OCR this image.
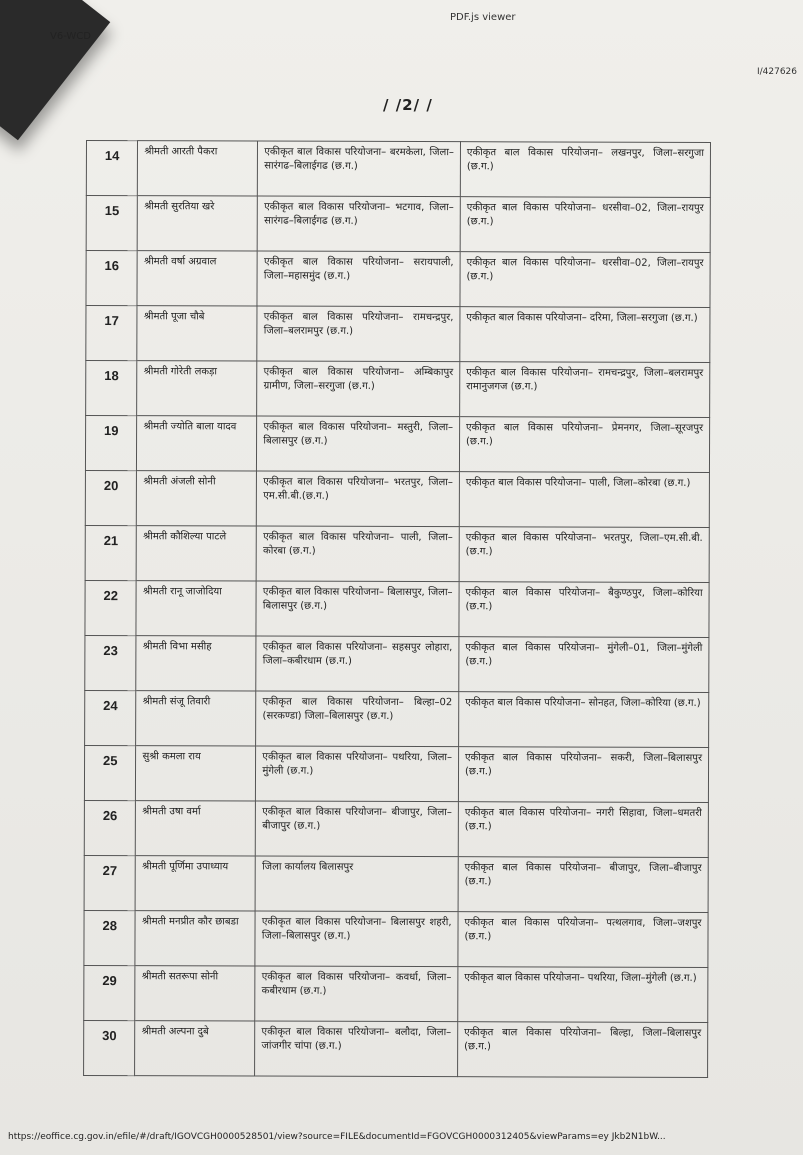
V6-WCD
PDF.js viewer
I/427626
/ /2/ /
14	श्रीमती आरती पैकरा	एकीकृत बाल विकास परियोजना– बरमकेला, जिला– सारंगढ–बिलाईगढ (छ.ग.)	एकीकृत बाल विकास परियोजना– लखनपुर, जिला–सरगुजा (छ.ग.)
15	श्रीमती सुरतिया खरे	एकीकृत बाल विकास परियोजना– भटगाव, जिला–सारंगढ–बिलाईगढ (छ.ग.)	एकीकृत बाल विकास परियोजना– धरसीवा–02, जिला–रायपुर (छ.ग.)
16	श्रीमती वर्षा अग्रवाल	एकीकृत बाल विकास परियोजना– सरायपाली, जिला–महासमुंद (छ.ग.)	एकीकृत बाल विकास परियोजना– धरसीवा–02, जिला–रायपुर (छ.ग.)
17	श्रीमती पूजा चौबे	एकीकृत बाल विकास परियोजना– रामचन्द्रपुर, जिला–बलरामपुर (छ.ग.)	एकीकृत बाल विकास परियोजना– दरिमा, जिला–सरगुजा (छ.ग.)
18	श्रीमती गोरेती लकड़ा	एकीकृत बाल विकास परियोजना– अम्बिकापुर ग्रामीण, जिला–सरगुजा (छ.ग.)	एकीकृत बाल विकास परियोजना– रामचन्द्रपुर, जिला–बलरामपुर रामानुजगज (छ.ग.)
19	श्रीमती ज्योति बाला यादव	एकीकृत बाल विकास परियोजना– मस्तुरी, जिला–बिलासपुर (छ.ग.)	एकीकृत बाल विकास परियोजना– प्रेमनगर, जिला–सूरजपुर (छ.ग.)
20	श्रीमती अंजली सोनी	एकीकृत बाल विकास परियोजना– भरतपुर, जिला–एम.सी.बी.(छ.ग.)	एकीकृत बाल विकास परियोजना– पाली, जिला–कोरबा (छ.ग.)
21	श्रीमती कौशिल्या पाटले	एकीकृत बाल विकास परियोजना– पाली, जिला–कोरबा (छ.ग.)	एकीकृत बाल विकास परियोजना– भरतपुर, जिला–एम.सी.बी. (छ.ग.)
22	श्रीमती रानू जाजोदिया	एकीकृत बाल विकास परियोजना– बिलासपुर, जिला– बिलासपुर (छ.ग.)	एकीकृत बाल विकास परियोजना– बैकुण्ठपुर, जिला–कोरिया (छ.ग.)
23	श्रीमती विभा मसीह	एकीकृत बाल विकास परियोजना– सहसपुर लोहारा, जिला–कबीरधाम (छ.ग.)	एकीकृत बाल विकास परियोजना– मुंगेली–01, जिला–मुंगेली (छ.ग.)
24	श्रीमती संजू तिवारी	एकीकृत बाल विकास परियोजना– बिल्हा–02 (सरकण्डा) जिला–बिलासपुर (छ.ग.)	एकीकृत बाल विकास परियोजना– सोनहत, जिला–कोरिया (छ.ग.)
25	सुश्री कमला राय	एकीकृत बाल विकास परियोजना– पथरिया, जिला–मुंगेली (छ.ग.)	एकीकृत बाल विकास परियोजना– सकरी, जिला–बिलासपुर (छ.ग.)
26	श्रीमती उषा वर्मा	एकीकृत बाल विकास परियोजना– बीजापुर, जिला–बीजापुर (छ.ग.)	एकीकृत बाल विकास परियोजना– नगरी सिहावा, जिला–धमतरी (छ.ग.)
27	श्रीमती पूर्णिमा उपाध्याय	जिला कार्यालय बिलासपुर	एकीकृत बाल विकास परियोजना– बीजापुर, जिला–बीजापुर (छ.ग.)
28	श्रीमती मनप्रीत कौर छाबडा	एकीकृत बाल विकास परियोजना– बिलासपुर शहरी, जिला–बिलासपुर (छ.ग.)	एकीकृत बाल विकास परियोजना– पत्थलगाव, जिला–जशपुर (छ.ग.)
29	श्रीमती सतरूपा सोनी	एकीकृत बाल विकास परियोजना– कवर्धा, जिला–कबीरधाम (छ.ग.)	एकीकृत बाल विकास परियोजना– पथरिया, जिला–मुंगेली (छ.ग.)
30	श्रीमती अल्पना दुबे	एकीकृत बाल विकास परियोजना– बलौदा, जिला–जांजगीर चांपा (छ.ग.)	एकीकृत बाल विकास परियोजना– बिल्हा, जिला–बिलासपुर (छ.ग.)
https://eoffice.cg.gov.in/efile/#/draft/IGOVCGH0000528501/view?source=FILE&documentId=FGOVCGH0000312405&viewParams=ey Jkb2N1bW...
